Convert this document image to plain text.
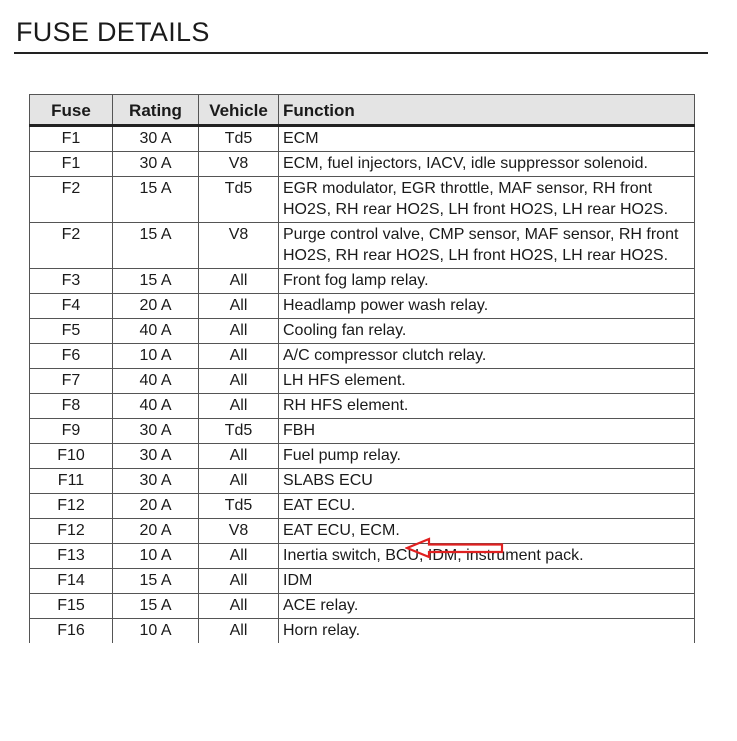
FUSE DETAILS
Fuse	Rating	Vehicle	Function
F1	30 A	Td5	ECM
F1	30 A	V8	ECM, fuel injectors, IACV, idle suppressor solenoid.
F2	15 A	Td5	EGR modulator, EGR throttle, MAF sensor, RH front HO2S, RH rear HO2S, LH front HO2S, LH rear HO2S.
F2	15 A	V8	Purge control valve, CMP sensor, MAF sensor, RH front HO2S, RH rear HO2S, LH front HO2S, LH rear HO2S.
F3	15 A	All	Front fog lamp relay.
F4	20 A	All	Headlamp power wash relay.
F5	40 A	All	Cooling fan relay.
F6	10 A	All	A/C compressor clutch relay.
F7	40 A	All	LH HFS element.
F8	40 A	All	RH HFS element.
F9	30 A	Td5	FBH
F10	30 A	All	Fuel pump relay.
F11	30 A	All	SLABS ECU
F12	20 A	Td5	EAT ECU.
F12	20 A	V8	EAT ECU, ECM.
F13	10 A	All	Inertia switch, BCU, IDM, instrument pack.
F14	15 A	All	IDM
F15	15 A	All	ACE relay.
F16	10 A	All	Horn relay.
